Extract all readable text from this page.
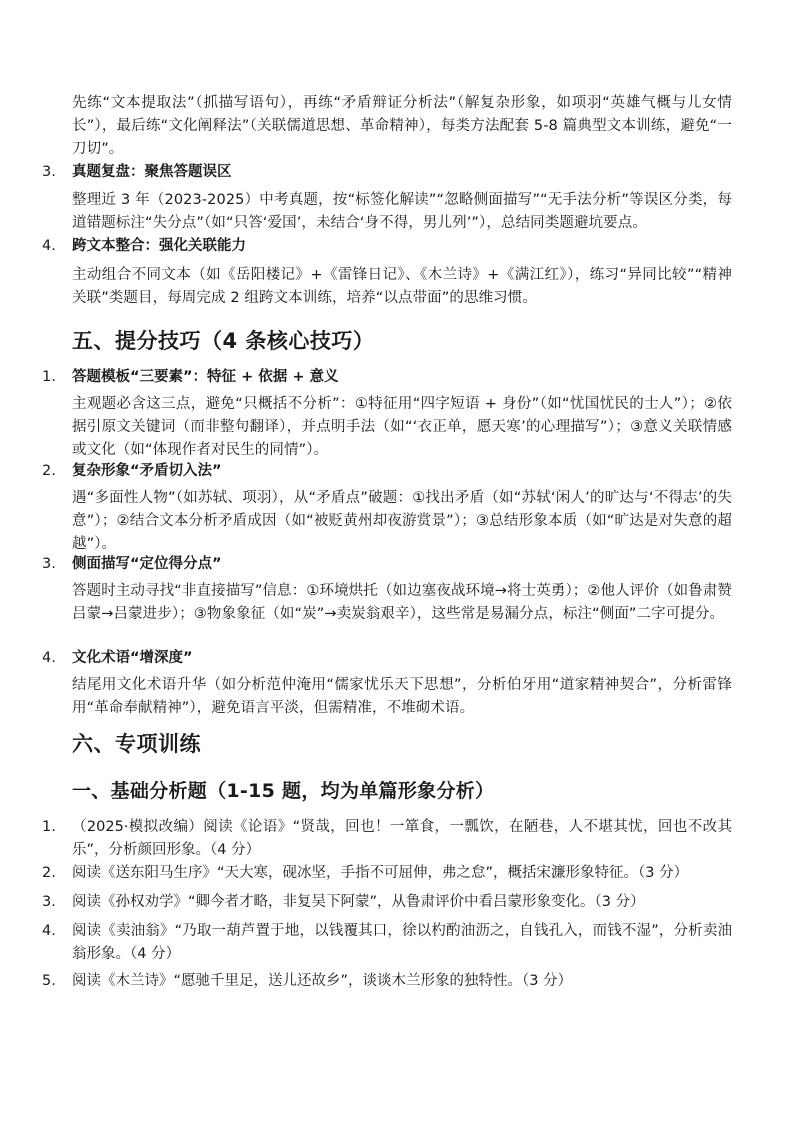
先练“文本提取法”（抓描写语句），再练“矛盾辩证分析法”（解复杂形象，如项羽“英雄气概与儿女情长”），最后练“文化阐释法”（关联儒道思想、革命精神），每类方法配套 5-8 篇典型文本训练，避免“一刀切”。
3. 真题复盘：聚焦答题误区
整理近 3 年（2023-2025）中考真题，按“标签化解读”“忽略侧面描写”“无手法分析”等误区分类，每道错题标注“失分点”（如“只答‘爱国’，未结合‘身不得，男儿列’”），总结同类题避坑要点。
4. 跨文本整合：强化关联能力
主动组合不同文本（如《岳阳楼记》+《雷锋日记》、《木兰诗》+《满江红》），练习“异同比较”“精神关联”类题目，每周完成 2 组跨文本训练，培养“以点带面”的思维习惯。
五、提分技巧（4 条核心技巧）
1. 答题模板“三要素”：特征 + 依据 + 意义
主观题必含这三点，避免“只概括不分析”：①特征用“四字短语 + 身份”（如“忧国忧民的士人”）；②依据引原文关键词（而非整句翻译），并点明手法（如“‘衣正单，愿天寒’的心理描写”）；③意义关联情感或文化（如“体现作者对民生的同情”）。
2. 复杂形象“矛盾切入法”
遇“多面性人物”（如苏轼、项羽），从“矛盾点”破题：①找出矛盾（如“苏轼‘闲人’的旷达与‘不得志’的失意”）；②结合文本分析矛盾成因（如“被贬黄州却夜游赏景”）；③总结形象本质（如“旷达是对失意的超越”）。
3. 侧面描写“定位得分点”
答题时主动寻找“非直接描写”信息：①环境烘托（如边塞夜战环境→将士英勇）；②他人评价（如鲁肃赞吕蒙→吕蒙进步）；③物象象征（如“炭”→卖炭翁艰辛），这些常是易漏分点，标注“侧面”二字可提分。
4. 文化术语“增深度”
结尾用文化术语升华（如分析范仲淹用“儒家忧乐天下思想”，分析伯牙用“道家精神契合”，分析雷锋用“革命奉献精神”），避免语言平淡，但需精准，不堆砌术语。
六、专项训练
一、基础分析题（1-15 题，均为单篇形象分析）
1. （2025·模拟改编）阅读《论语》“贤哉，回也！一箪食，一瓢饮，在陋巷，人不堪其忧，回也不改其乐”，分析颜回形象。（4 分）
2. 阅读《送东阳马生序》“天大寒，砚冰坚，手指不可屈伸，弗之怠”，概括宋濂形象特征。（3 分）
3. 阅读《孙权劝学》“卿今者才略，非复吴下阿蒙”，从鲁肃评价中看吕蒙形象变化。（3 分）
4. 阅读《卖油翁》“乃取一葫芦置于地，以钱覆其口，徐以杓酌油沥之，自钱孔入，而钱不湿”，分析卖油翁形象。（4 分）
5. 阅读《木兰诗》“愿驰千里足，送儿还故乡”，谈谈木兰形象的独特性。（3 分）
